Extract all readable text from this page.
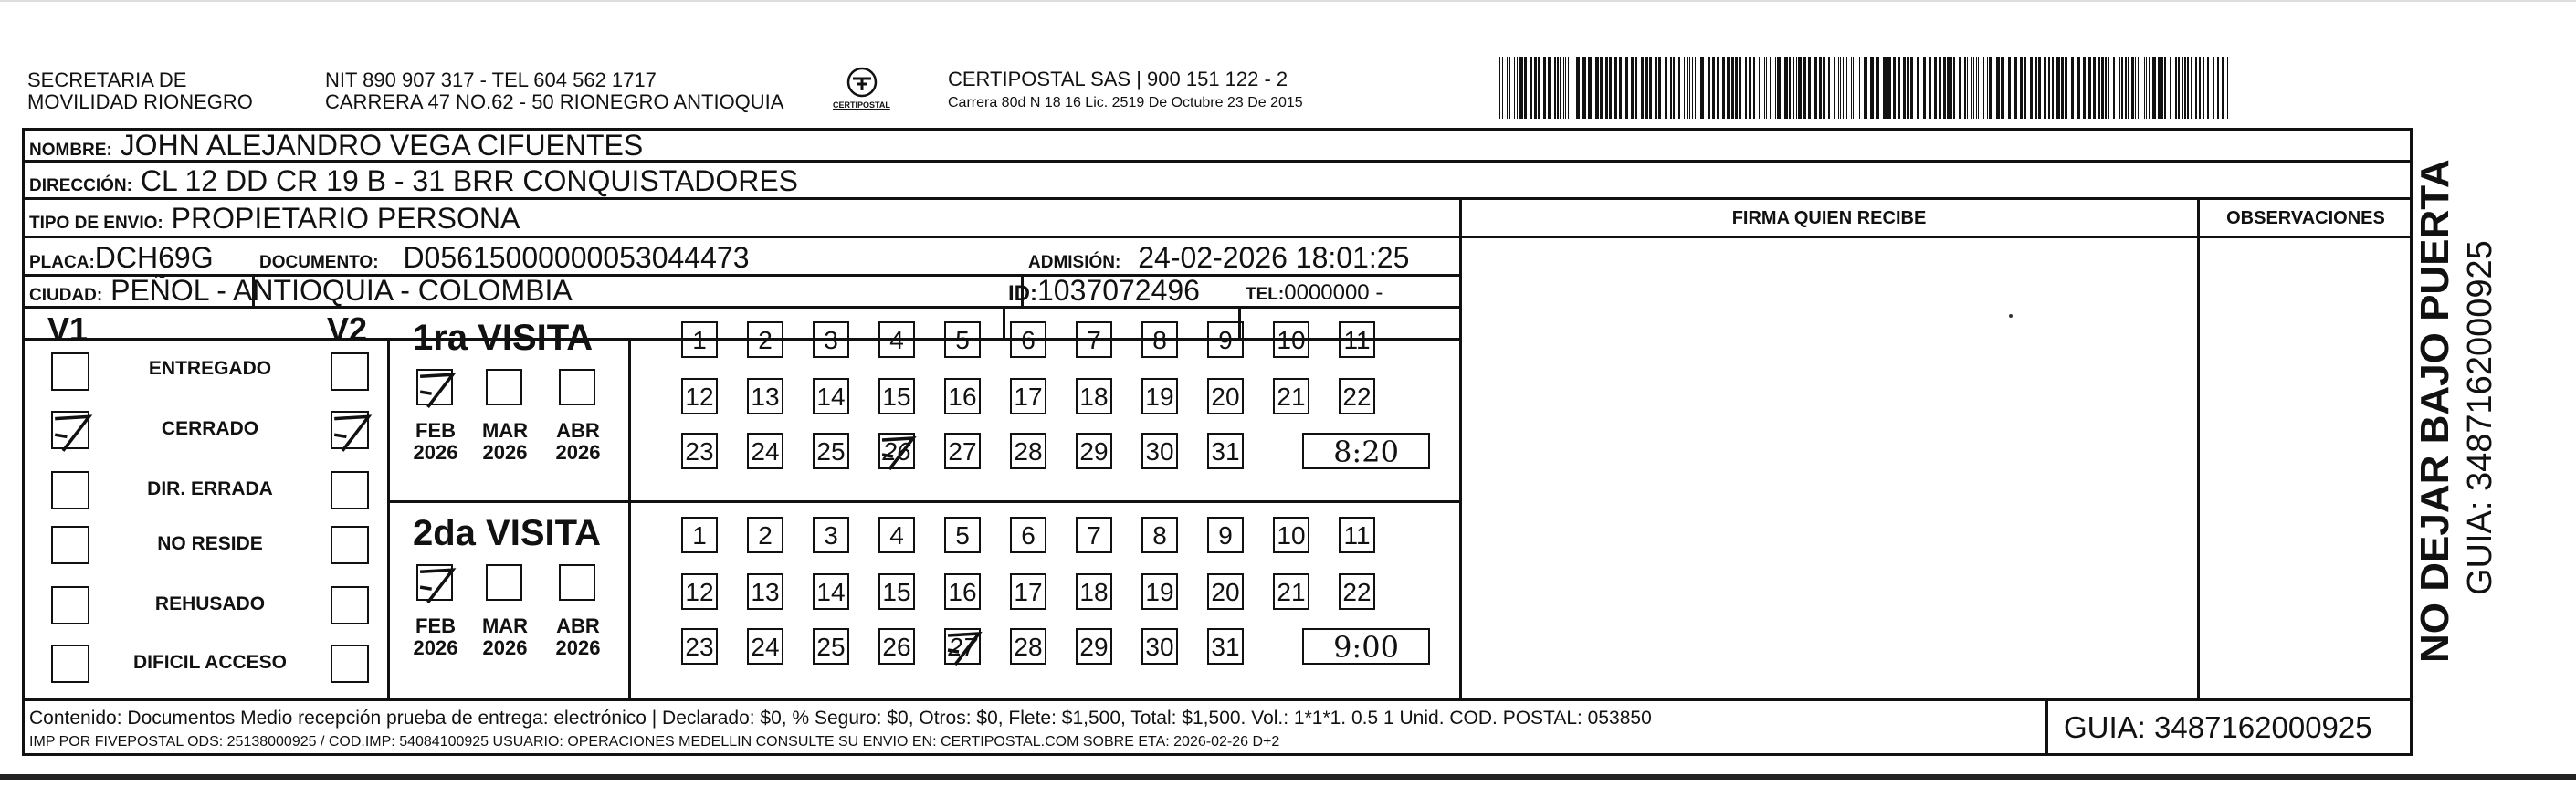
SECRETARIA DE
MOVILIDAD RIONEGRO
NIT 890 907 317 - TEL 604 562 1717
CARRERA 47 NO.62 - 50 RIONEGRO ANTIOQUIA	CERTIPOSTAL
CERTIPOSTAL SAS | 900 151 122 - 2
Carrera 80d N 18 16 Lic. 2519 De Octubre 23 De 2015
NOMBRE: JOHN ALEJANDRO VEGA CIFUENTES
DIRECCIÓN: CL 12 DD CR 19 B - 31 BRR CONQUISTADORES
TIPO DE ENVIO: PROPIETARIO PERSONA
PLACA:DCH69G	DOCUMENTO: D05615000000053044473	ADMISIÓN: 24-02-2026 18:01:25
CIUDAD: PEÑOL - ANTIOQUIA - COLOMBIA	ID:1037072496	TEL:0000000 -
FIRMA QUIEN RECIBE	OBSERVACIONES
V1	V2
ENTREGADO
CERRADO
DIR. ERRADA
NO RESIDE
REHUSADO
DIFICIL ACCESO
1ra VISITA
FEB
2026
MAR
2026
ABR
2026
1	2	3	4	5	6	7	8	9	10 11
12 13 14 15 16 17 18 19 20 21 22
23 24 25 26 27 28 29 30 31	8:20
2da VISITA
FEB
2026
MAR
2026
ABR
2026
1	2	3	4	5	6	7	8	9	10 11
12 13 14 15 16 17 18 19 20 21 22
23 24 25 26 27 28 29 30 31	9:00
Contenido: Documentos Medio recepción prueba de entrega: electrónico | Declarado: $0, % Seguro: $0, Otros: $0, Flete: $1,500, Total: $1,500. Vol.: 1*1*1. 0.5 1 Unid. COD. POSTAL: 053850
IMP POR FIVEPOSTAL ODS: 25138000925 / COD.IMP: 54084100925 USUARIO: OPERACIONES MEDELLIN CONSULTE SU ENVIO EN: CERTIPOSTAL.COM SOBRE ETA: 2026-02-26 D+2	GUIA: 3487162000925
NO DEJAR BAJO PUERTA GUIA: 3487162000925
